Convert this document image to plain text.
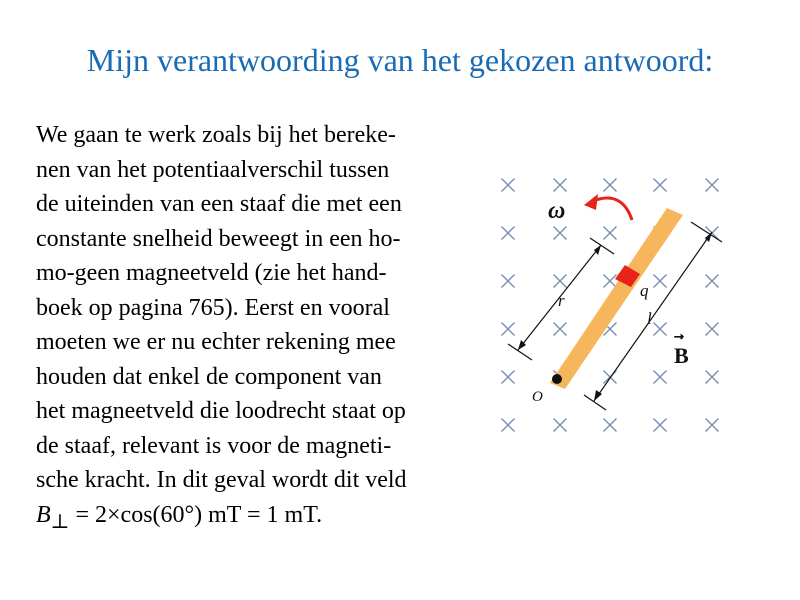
Mijn verantwoording van het gekozen antwoord:
We gaan te werk zoals bij het bereke-
nen van het potentiaalverschil tussen
de uiteinden van een staaf die met een
constante snelheid beweegt in een ho-
mo-geen magneetveld (zie het hand-
boek op pagina 765). Eerst en vooral
moeten we er nu echter rekening mee
houden dat enkel de component van
het magneetveld die loodrecht staat op
de staaf, relevant is voor de magneti-
sche kracht. In dit geval wordt dit veld
$B_\perp = 2\times\cos(60^\circ)$ mT = 1 mT.
ω
r
q
l
B
O
